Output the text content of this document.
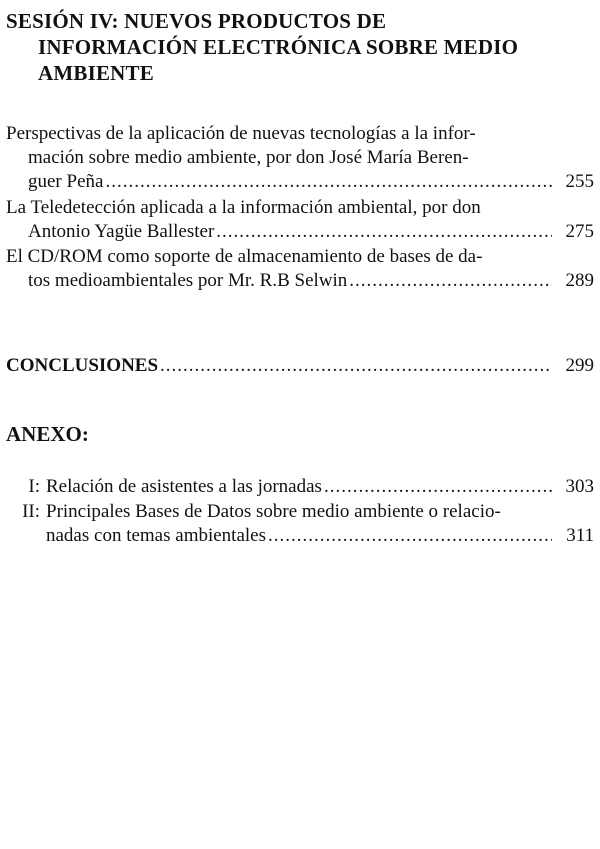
SESIÓN IV: NUEVOS PRODUCTOS DE
INFORMACIÓN ELECTRÓNICA SOBRE MEDIO
AMBIENTE
Perspectivas de la aplicación de nuevas tecnologías a la infor-
mación sobre medio ambiente, por don José María Beren-
guer Peña .....	255
La Teledetección aplicada a la información ambiental, por don
Antonio Yagüe Ballester .....	275
El CD/ROM como soporte de almacenamiento de bases de da-
tos medioambientales por Mr. R.B Selwin .....	289
CONCLUSIONES .....	299
ANEXO:
I: Relación de asistentes a las jornadas .....	303
II: Principales Bases de Datos sobre medio ambiente o relacio-
nadas con temas ambientales .....	311
